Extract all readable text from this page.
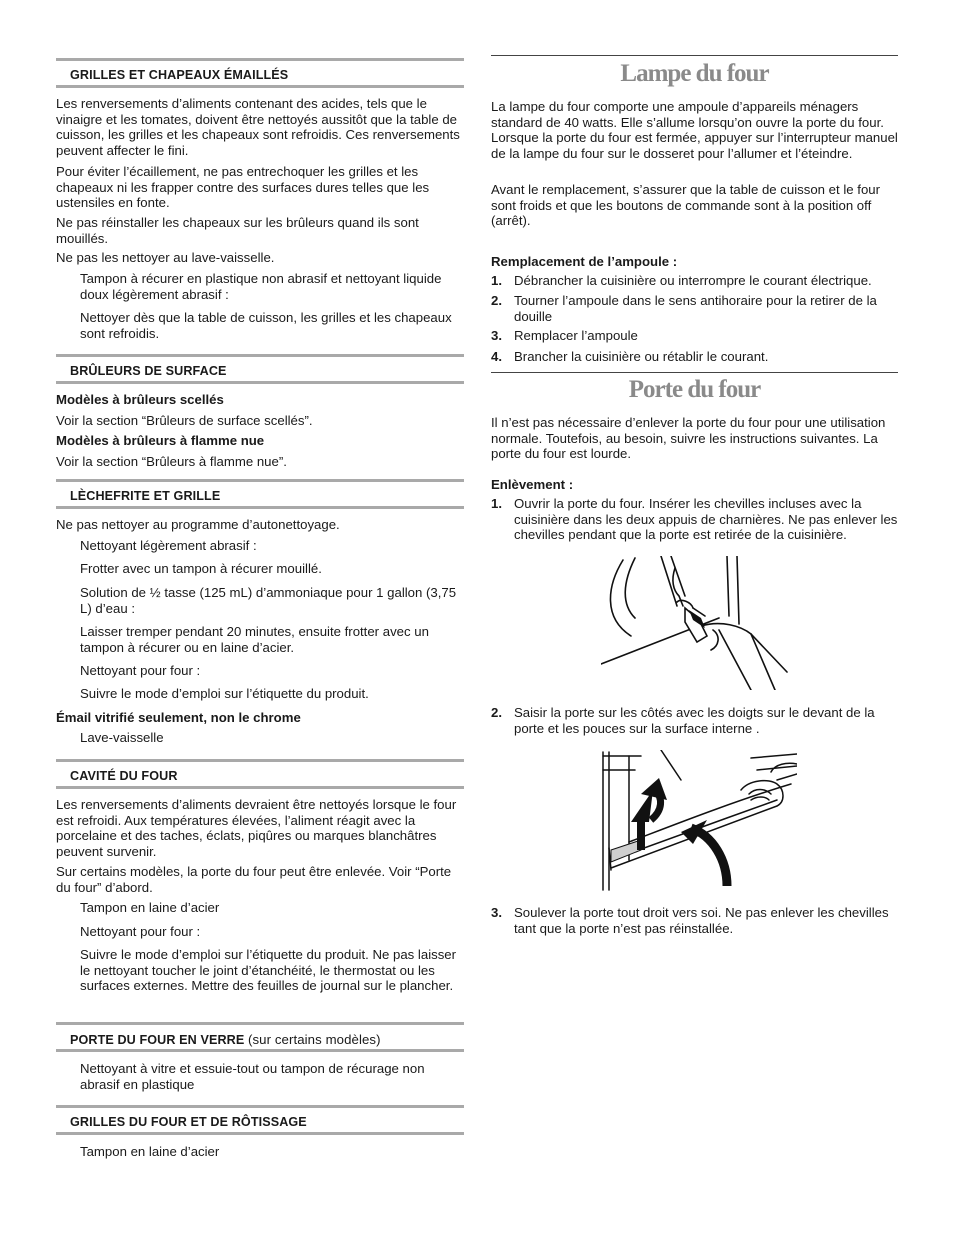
GRILLES ET CHAPEAUX ÉMAILLÉS

Les renversements d’aliments contenant des acides, tels que le vinaigre et les tomates, doivent être nettoyés aussitôt que la table de cuisson, les grilles et les chapeaux sont refroidis. Ces renversements peuvent affecter le fini.

Pour éviter l’écaillement, ne pas entrechoquer les grilles et les chapeaux ni les frapper contre des surfaces dures telles que les ustensiles en fonte.

Ne pas réinstaller les chapeaux sur les brûleurs quand ils sont mouillés.

Ne pas les nettoyer au lave-vaisselle.

Tampon à récurer en plastique non abrasif et nettoyant liquide doux légèrement abrasif :

Nettoyer dès que la table de cuisson, les grilles et les chapeaux sont refroidis.

BRÛLEURS DE SURFACE

Modèles à brûleurs scellés

Voir la section “Brûleurs de surface scellés”.

Modèles à brûleurs à flamme nue

Voir la section “Brûleurs à flamme nue”.

LÈCHEFRITE ET GRILLE

Ne pas nettoyer au programme d’autonettoyage.

Nettoyant légèrement abrasif :

Frotter avec un tampon à récurer mouillé.

Solution de ½ tasse (125 mL) d’ammoniaque pour 1 gallon (3,75 L) d’eau :

Laisser tremper pendant 20 minutes, ensuite frotter avec un tampon à récurer ou en laine d’acier.

Nettoyant pour four :

Suivre le mode d’emploi sur l’étiquette du produit.

Émail vitrifié seulement, non le chrome

Lave-vaisselle

CAVITÉ DU FOUR

Les renversements d’aliments devraient être nettoyés lorsque le four est refroidi. Aux températures élevées, l’aliment réagit avec la porcelaine et des taches, éclats, piqûres ou marques blanchâtres peuvent survenir.

Sur certains modèles, la porte du four peut être enlevée. Voir “Porte du four” d’abord.

Tampon en laine d’acier

Nettoyant pour four :

Suivre le mode d’emploi sur l’étiquette du produit. Ne pas laisser le nettoyant toucher le joint d’étanchéité, le thermostat ou les surfaces externes. Mettre des feuilles de journal sur le plancher.

PORTE DU FOUR EN VERRE (sur certains modèles)

Nettoyant à vitre et essuie-tout ou tampon de récurage non abrasif en plastique

GRILLES DU FOUR ET DE RÔTISSAGE

Tampon en laine d’acier

Lampe du four

La lampe du four comporte une ampoule d’appareils ménagers standard de 40 watts. Elle s’allume lorsqu’on ouvre la porte du four. Lorsque la porte du four est fermée, appuyer sur l’interrupteur manuel de la lampe du four sur le dosseret pour l’allumer et l’éteindre.

Avant le remplacement, s’assurer que la table de cuisson et le four sont froids et que les boutons de commande sont à la position off (arrêt).

Remplacement de l’ampoule :

1. Débrancher la cuisinière ou interrompre le courant électrique.

2. Tourner l’ampoule dans le sens antihoraire pour la retirer de la douille

3. Remplacer l’ampoule

4. Brancher la cuisinière ou rétablir le courant.

Porte du four

Il n’est pas nécessaire d’enlever la porte du four pour une utilisation normale. Toutefois, au besoin, suivre les instructions suivantes. La porte du four est lourde.

Enlèvement :

1. Ouvrir la porte du four. Insérer les chevilles incluses avec la cuisinière dans les deux appuis de charnières. Ne pas enlever les chevilles pendant que la porte est retirée de la cuisinière.

2. Saisir la porte sur les côtés avec les doigts sur le devant de la porte et les pouces sur la surface interne .

3. Soulever la porte tout droit vers soi. Ne pas enlever les chevilles tant que la porte n’est pas réinstallée.
